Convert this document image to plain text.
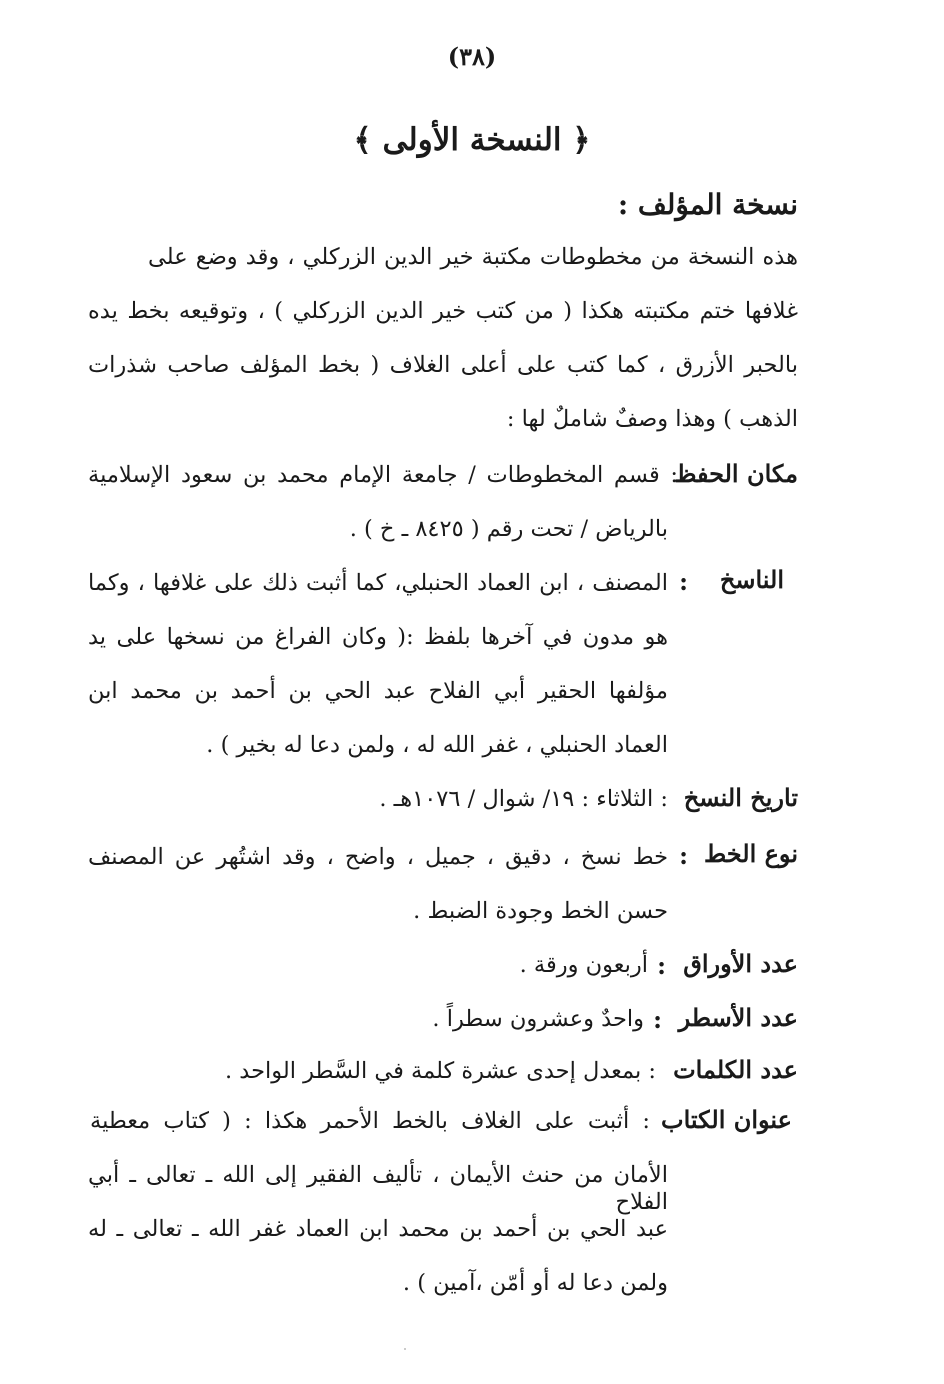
(٣٨)
﴿ النسخة الأولى ﴾
نسخة المؤلف :
هذه النسخة من مخطوطات مكتبة خير الدين الزركلي ، وقد وضع على
غلافها ختم مكتبته هكذا ( من كتب خير الدين الزركلي ) ، وتوقيعه بخط يده
بالحبر الأزرق ، كما كتب على أعلى الغلاف ( بخط المؤلف صاحب شذرات
الذهب ) وهذا وصفٌ شاملٌ لها :
مكان الحفظ
: قسم المخطوطات / جامعة الإمام محمد بن سعود الإسلامية
بالرياض / تحت رقم ( ٨٤٢٥ ـ خ ) .
الناسخ
:
المصنف ، ابن العماد الحنبلي، كما أثبت ذلك على غلافها ، وكما
هو مدون في آخرها بلفظ :( وكان الفراغ من نسخها على يد
مؤلفها الحقير أبي الفلاح عبد الحي بن أحمد بن محمد ابن
العماد الحنبلي ، غفر الله له ، ولمن دعا له بخير ) .
تاريخ النسخ
: الثلاثاء : ١٩/ شوال / ١٠٧٦هـ .
نوع الخط
:
خط نسخ ، دقيق ، جميل ، واضح ، وقد اشتُهر عن المصنف
حسن الخط وجودة الضبط .
عدد الأوراق
:
أربعون ورقة .
عدد الأسطر
:
واحدٌ وعشرون سطراً .
عدد الكلمات
: بمعدل إحدى عشرة كلمة في السَّطر الواحد .
عنوان الكتاب
: أثبت على الغلاف بالخط الأحمر هكذا : ( كتاب معطية
الأمان من حنث الأيمان ، تأليف الفقير إلى الله ـ تعالى ـ أبي الفلاح
عبد الحي بن أحمد بن محمد ابن العماد غفر الله ـ تعالى ـ له
ولمن دعا له أو أمّن ،آمين ) .
